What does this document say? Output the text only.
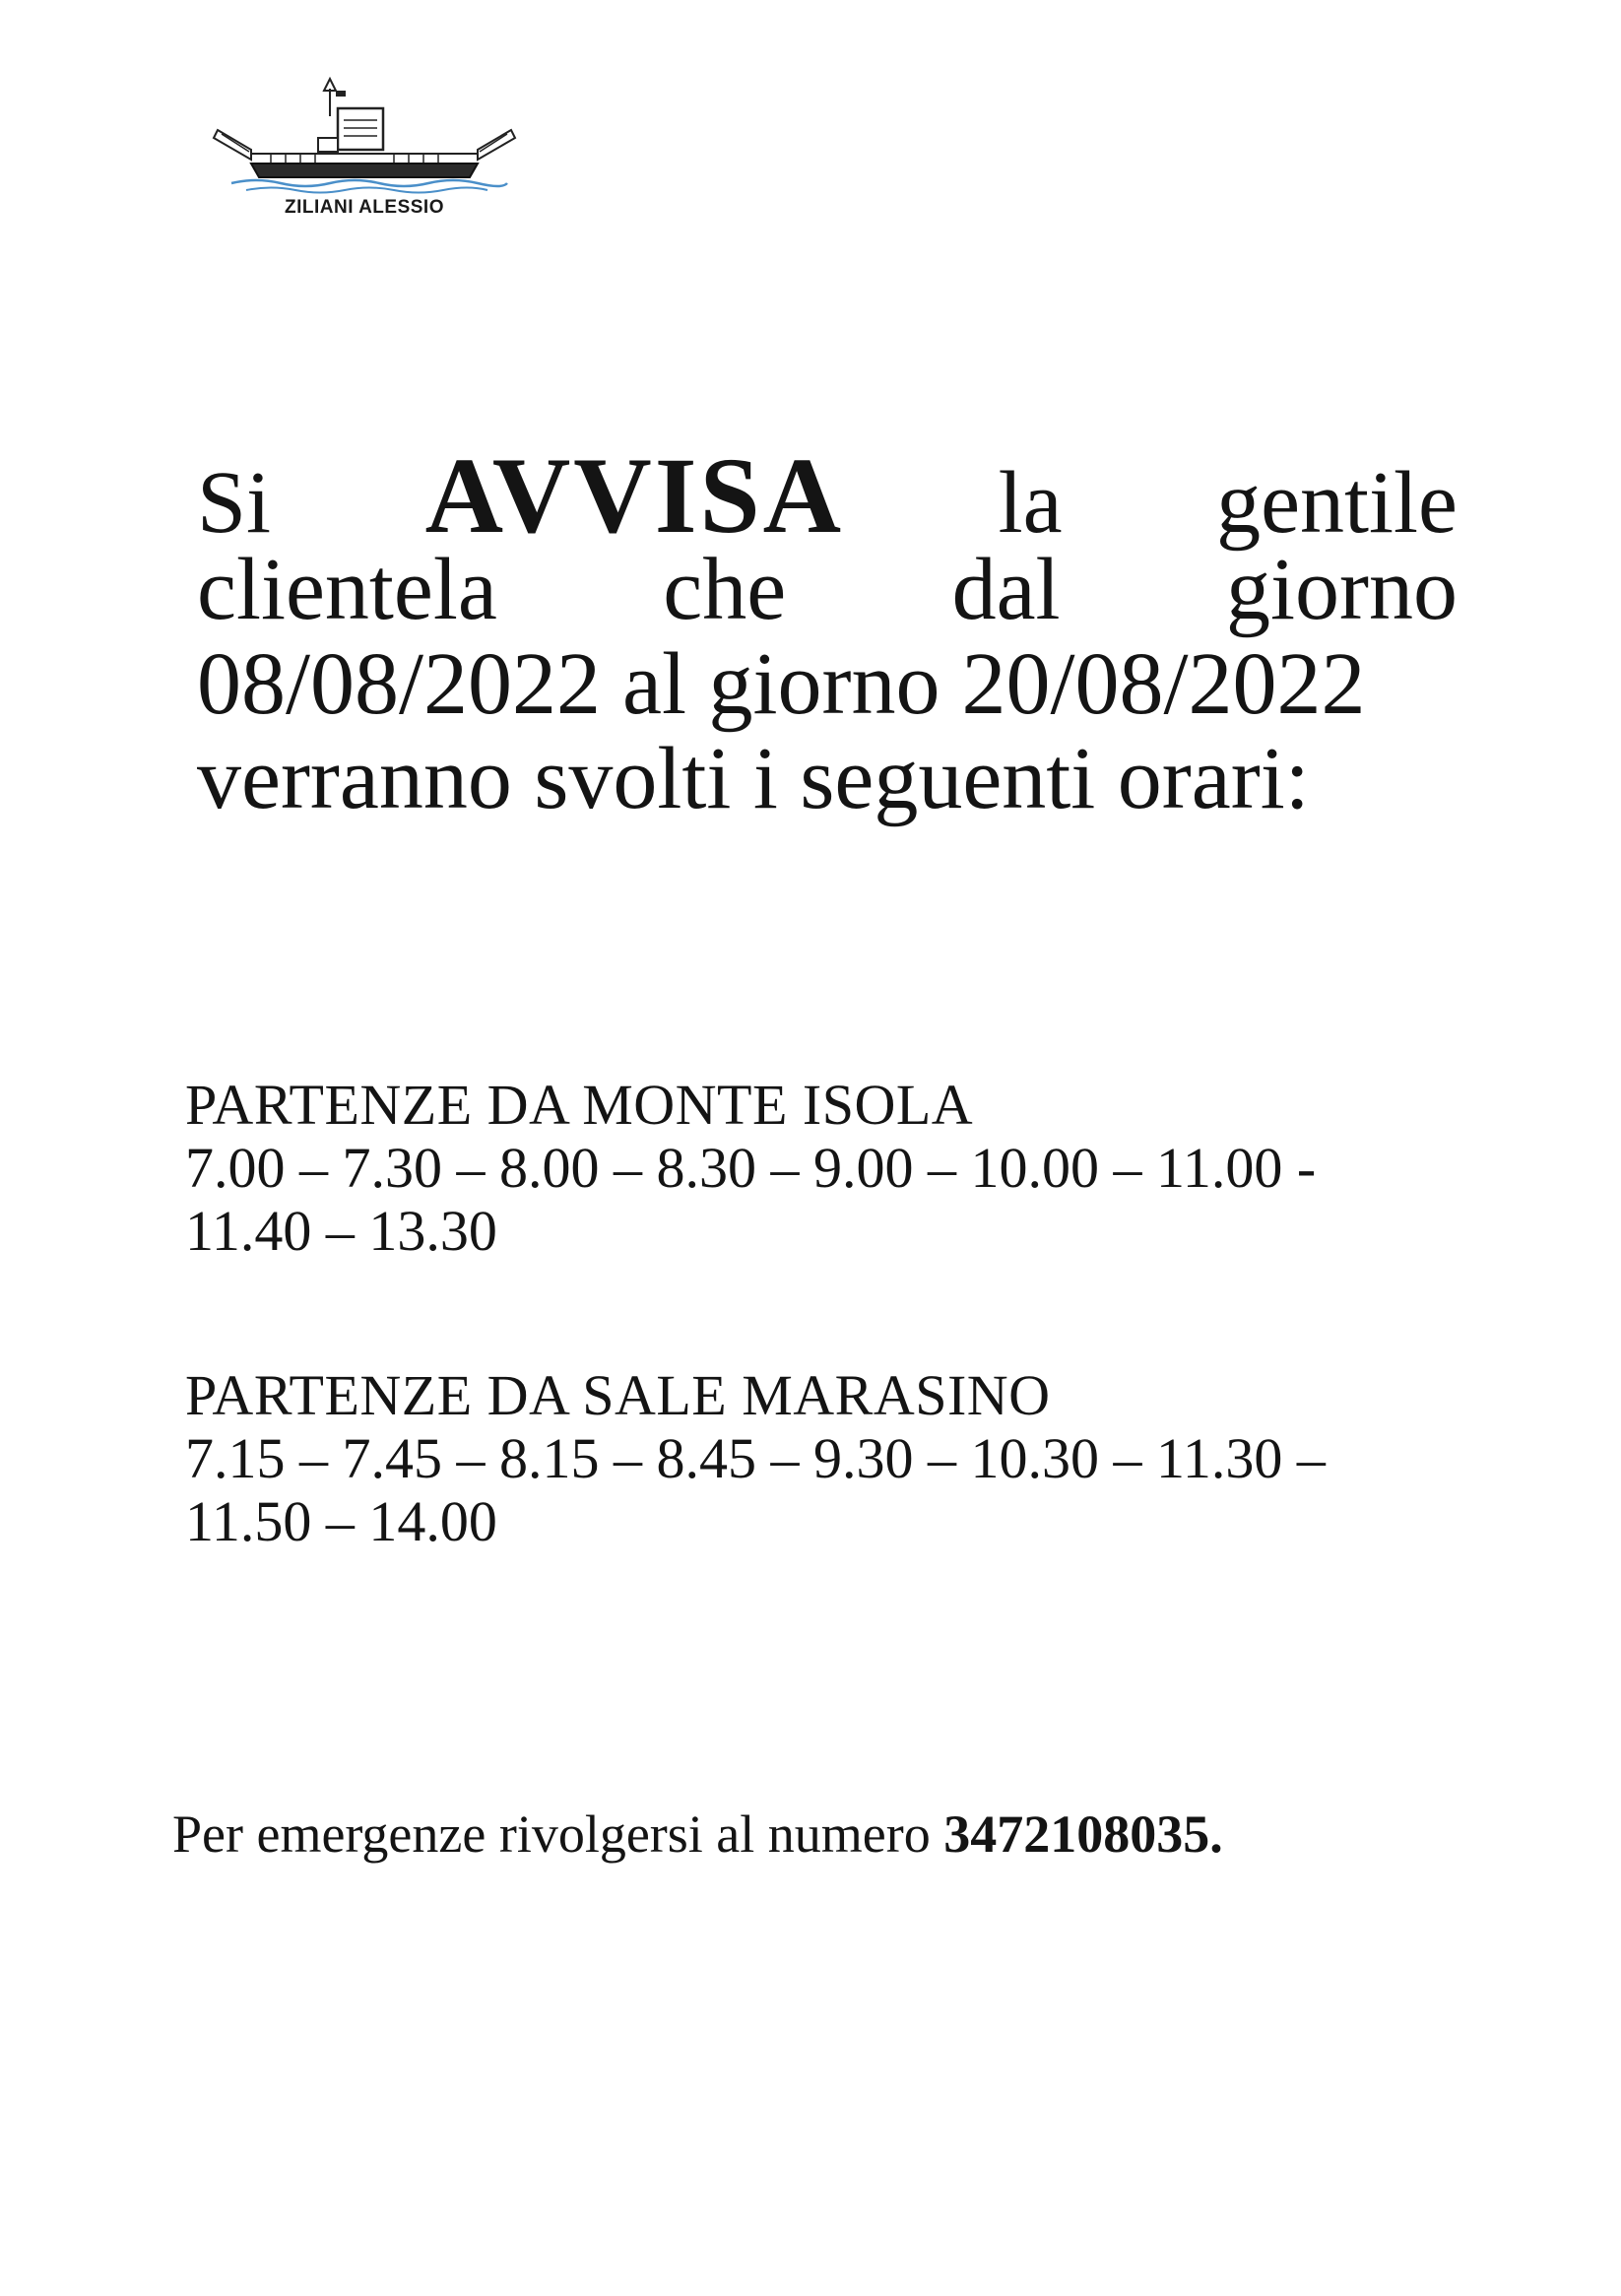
ZILIANI ALESSIO
Si AVVISA la gentile
clientela che dal giorno
08/08/2022 al giorno 20/08/2022
verranno svolti i seguenti orari:
PARTENZE DA MONTE ISOLA
7.00 – 7.30 – 8.00 – 8.30 – 9.00 – 10.00 – 11.00 -
11.40 – 13.30
PARTENZE DA SALE MARASINO
7.15 – 7.45 – 8.15 – 8.45 – 9.30 – 10.30 – 11.30 –
11.50 – 14.00
Per emergenze rivolgersi al numero 3472108035.
